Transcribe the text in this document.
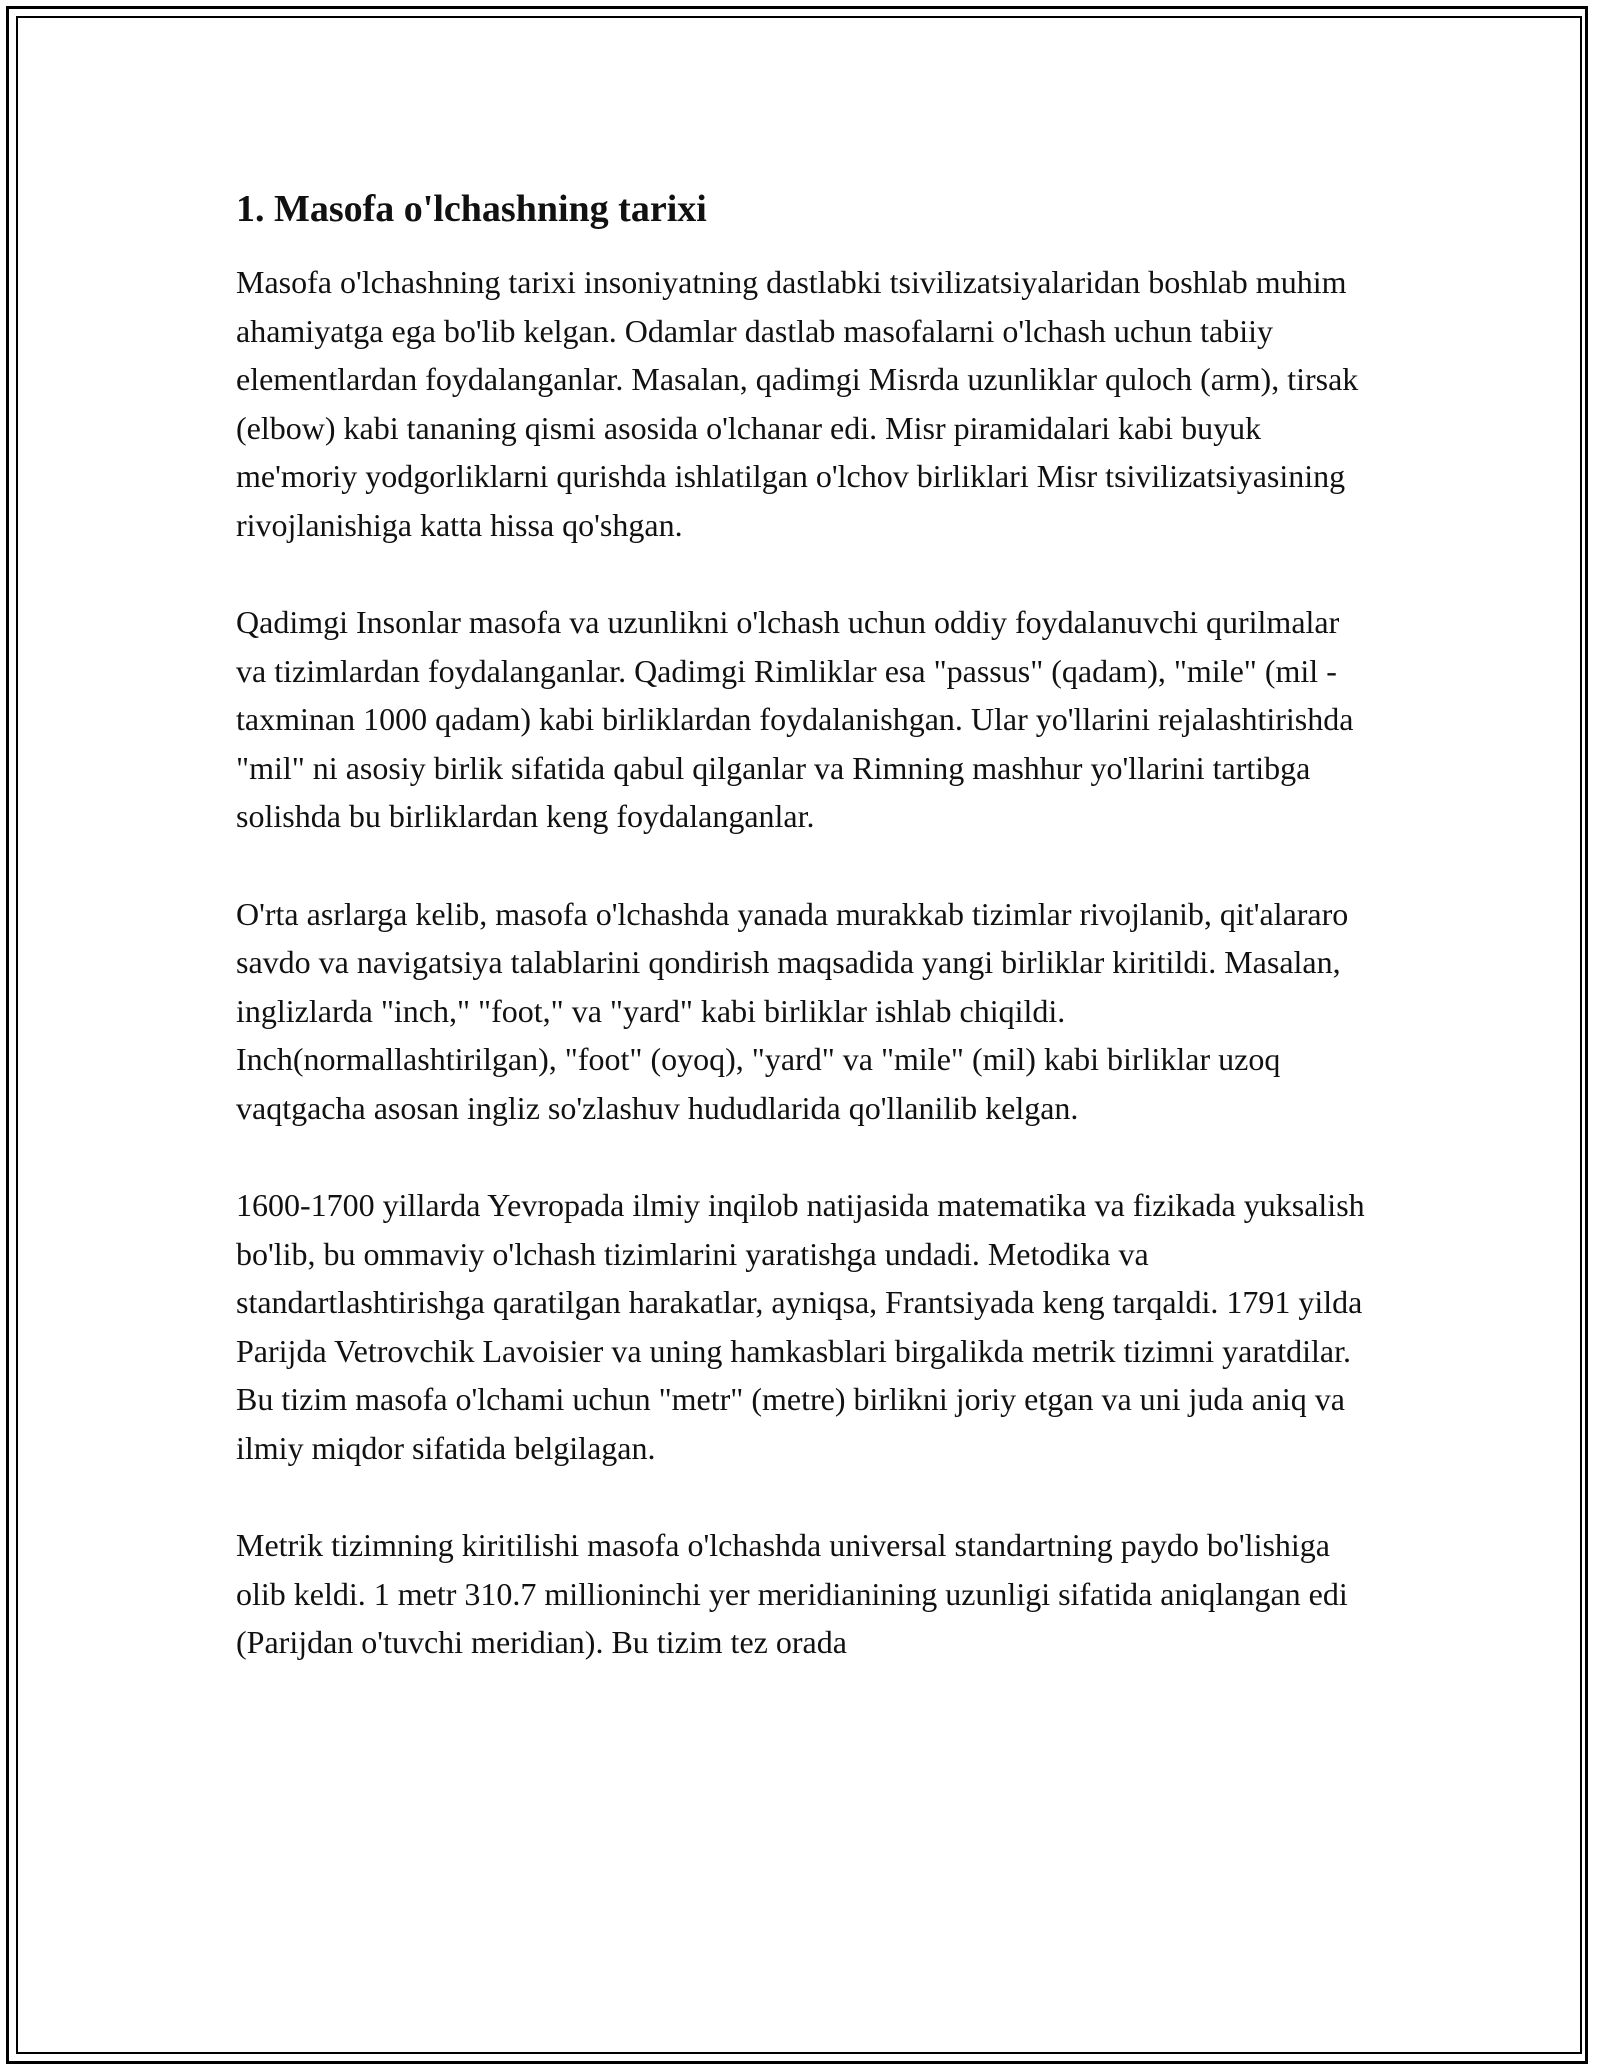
1. Masofa o'lchashning tarixi

Masofa o'lchashning tarixi insoniyatning dastlabki tsivilizatsiyalaridan boshlab muhim ahamiyatga ega bo'lib kelgan. Odamlar dastlab masofalarni o'lchash uchun tabiiy elementlardan foydalanganlar. Masalan, qadimgi Misrda uzunliklar quloch (arm), tirsak (elbow) kabi tananing qismi asosida o'lchanar edi. Misr piramidalari kabi buyuk me'moriy yodgorliklarni qurishda ishlatilgan o'lchov birliklari Misr tsivilizatsiyasining rivojlanishiga katta hissa qo'shgan.

Qadimgi Insonlar masofa va uzunlikni o'lchash uchun oddiy foydalanuvchi qurilmalar va tizimlardan foydalanganlar. Qadimgi Rimliklar esa "passus" (qadam), "mile" (mil - taxminan 1000 qadam) kabi birliklardan foydalanishgan. Ular yo'llarini rejalashtirishda "mil" ni asosiy birlik sifatida qabul qilganlar va Rimning mashhur yo'llarini tartibga solishda bu birliklardan keng foydalanganlar.

O'rta asrlarga kelib, masofa o'lchashda yanada murakkab tizimlar rivojlanib, qit'alararo savdo va navigatsiya talablarini qondirish maqsadida yangi birliklar kiritildi. Masalan, inglizlarda "inch," "foot," va "yard" kabi birliklar ishlab chiqildi. Inch(normallashtirilgan), "foot" (oyoq), "yard" va "mile" (mil) kabi birliklar uzoq vaqtgacha asosan ingliz so'zlashuv hududlarida qo'llanilib kelgan.

1600-1700 yillarda Yevropada ilmiy inqilob natijasida matematika va fizikada yuksalish bo'lib, bu ommaviy o'lchash tizimlarini yaratishga undadi. Metodika va standartlashtirishga qaratilgan harakatlar, ayniqsa, Frantsiyada keng tarqaldi. 1791 yilda Parijda Vetrovchik Lavoisier va uning hamkasblari birgalikda metrik tizimni yaratdilar. Bu tizim masofa o'lchami uchun "metr" (metre) birlikni joriy etgan va uni juda aniq va ilmiy miqdor sifatida belgilagan.

Metrik tizimning kiritilishi masofa o'lchashda universal standartning paydo bo'lishiga olib keldi. 1 metr 310.7 millioninchi yer meridianining uzunligi sifatida aniqlangan edi (Parijdan o'tuvchi meridian). Bu tizim tez orada
